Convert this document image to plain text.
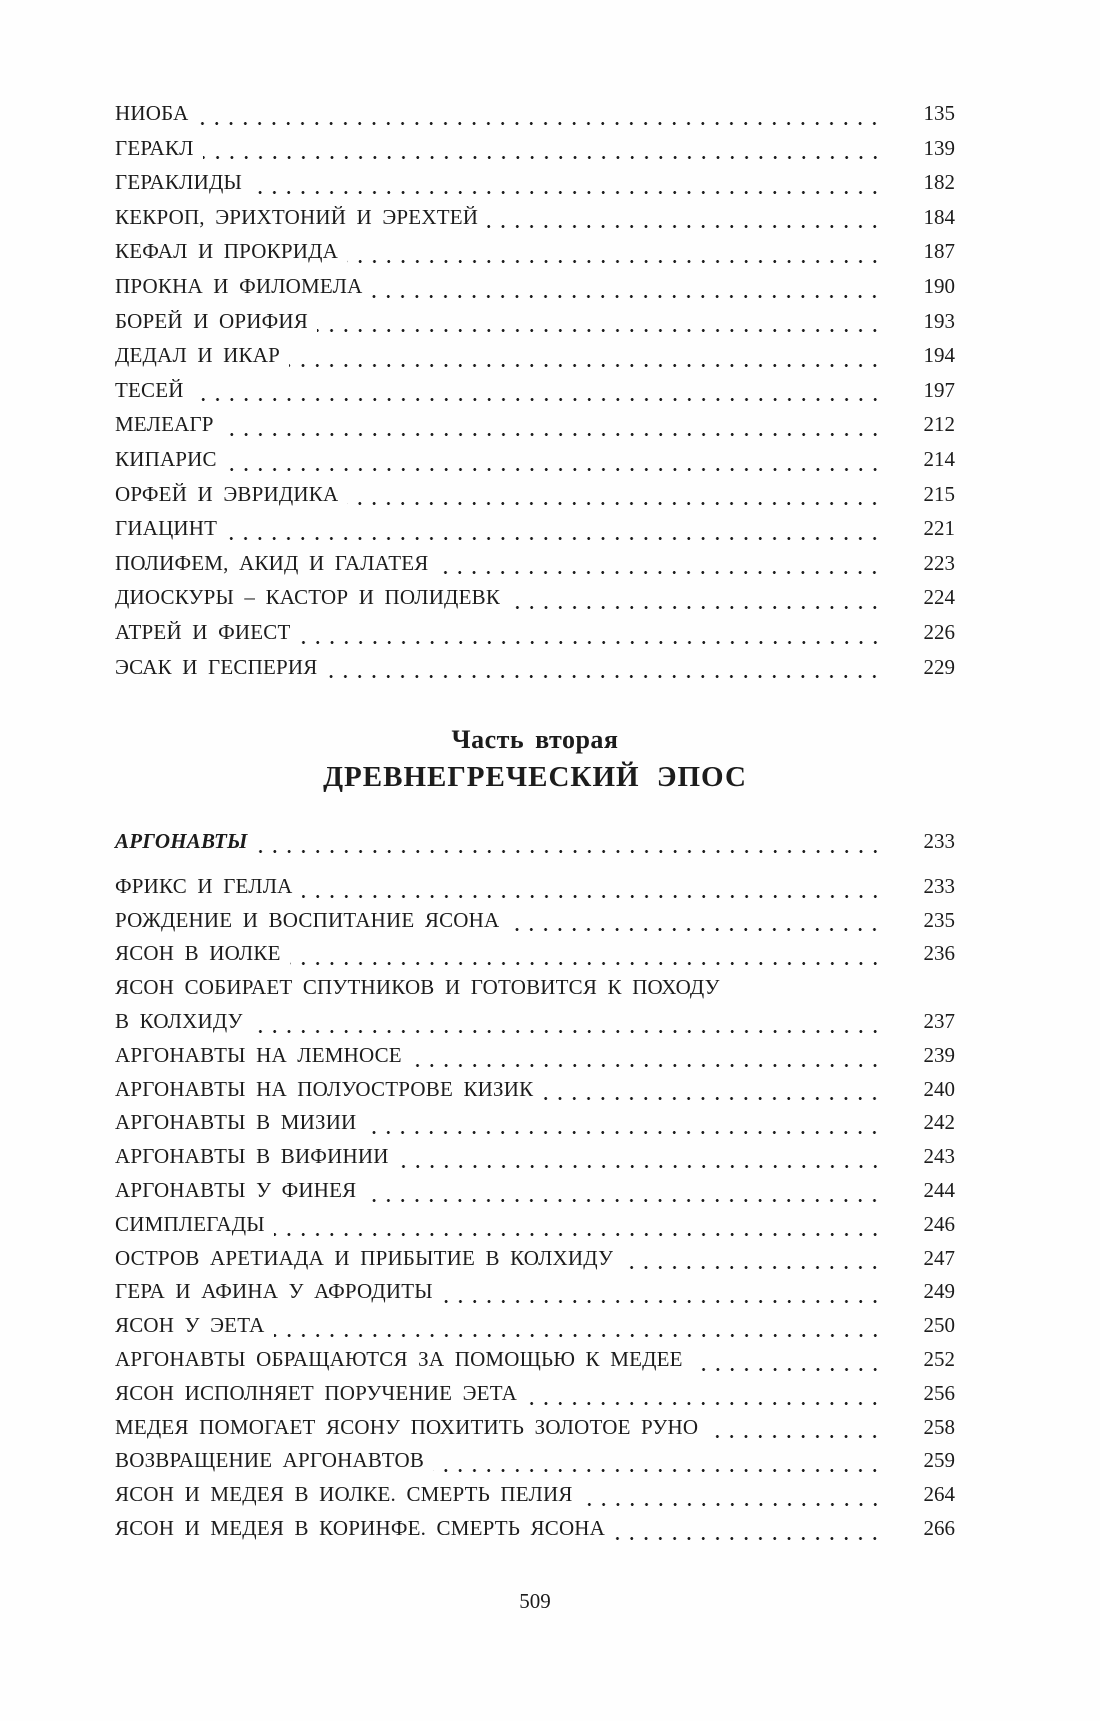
НИОБА	135
ГЕРАКЛ	139
ГЕРАКЛИДЫ	182
КЕКРОП, ЭРИХТОНИЙ И ЭРЕХТЕЙ	184
КЕФАЛ И ПРОКРИДА	187
ПРОКНА И ФИЛОМЕЛА	190
БОРЕЙ И ОРИФИЯ	193
ДЕДАЛ И ИКАР	194
ТЕСЕЙ	197
МЕЛЕАГР	212
КИПАРИС	214
ОРФЕЙ И ЭВРИДИКА	215
ГИАЦИНТ	221
ПОЛИФЕМ, АКИД И ГАЛАТЕЯ	223
ДИОСКУРЫ – КАСТОР И ПОЛИДЕВК	224
АТРЕЙ И ФИЕСТ	226
ЭСАК И ГЕСПЕРИЯ	229
Часть вторая
ДРЕВНЕГРЕЧЕСКИЙ ЭПОС
АРГОНАВТЫ	233
ФРИКС И ГЕЛЛА	233
РОЖДЕНИЕ И ВОСПИТАНИЕ ЯСОНА	235
ЯСОН В ИОЛКЕ	236
ЯСОН СОБИРАЕТ СПУТНИКОВ И ГОТОВИТСЯ К ПОХОДУ
В КОЛХИДУ	237
АРГОНАВТЫ НА ЛЕМНОСЕ	239
АРГОНАВТЫ НА ПОЛУОСТРОВЕ КИЗИК	240
АРГОНАВТЫ В МИЗИИ	242
АРГОНАВТЫ В ВИФИНИИ	243
АРГОНАВТЫ У ФИНЕЯ	244
СИМПЛЕГАДЫ	246
ОСТРОВ АРЕТИАДА И ПРИБЫТИЕ В КОЛХИДУ	247
ГЕРА И АФИНА У АФРОДИТЫ	249
ЯСОН У ЭЕТА	250
АРГОНАВТЫ ОБРАЩАЮТСЯ ЗА ПОМОЩЬЮ К МЕДЕЕ	252
ЯСОН ИСПОЛНЯЕТ ПОРУЧЕНИЕ ЭЕТА	256
МЕДЕЯ ПОМОГАЕТ ЯСОНУ ПОХИТИТЬ ЗОЛОТОЕ РУНО	258
ВОЗВРАЩЕНИЕ АРГОНАВТОВ	259
ЯСОН И МЕДЕЯ В ИОЛКЕ. СМЕРТЬ ПЕЛИЯ	264
ЯСОН И МЕДЕЯ В КОРИНФЕ. СМЕРТЬ ЯСОНА	266
509
